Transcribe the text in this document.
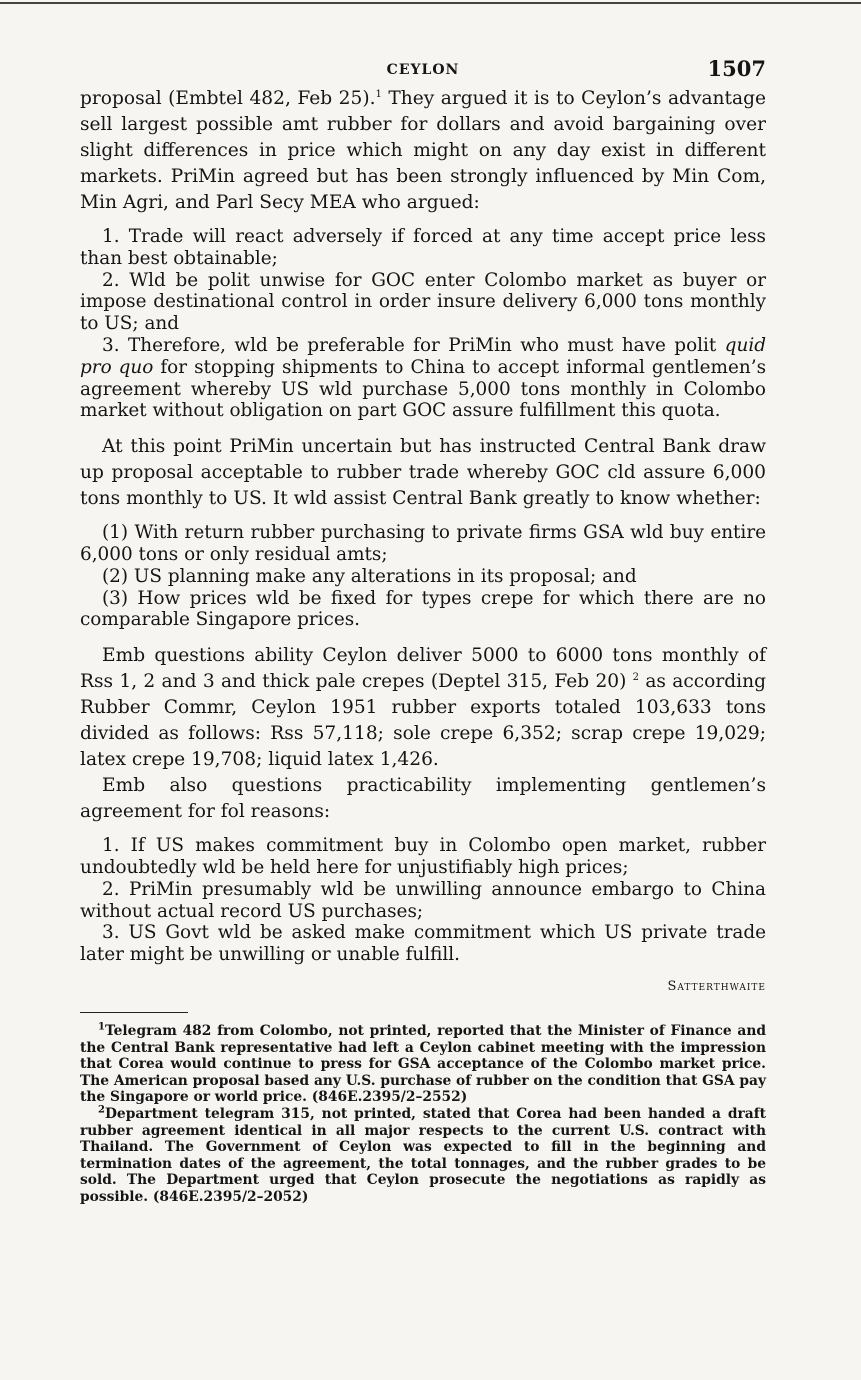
CEYLON	1507

proposal (Embtel 482, Feb 25).$^1$ They argued it is to Ceylon’s advantage sell largest possible amt rubber for dollars and avoid bargaining over slight differences in price which might on any day exist in different markets. PriMin agreed but has been strongly influenced by Min Com, Min Agri, and Parl Secy MEA who argued:

1. Trade will react adversely if forced at any time accept price less than best obtainable;

2. Wld be polit unwise for GOC enter Colombo market as buyer or impose destinational control in order insure delivery 6,000 tons monthly to US; and

3. Therefore, wld be preferable for PriMin who must have polit quid pro quo for stopping shipments to China to accept informal gentlemen’s agreement whereby US wld purchase 5,000 tons monthly in Colombo market without obligation on part GOC assure fulfillment this quota.

At this point PriMin uncertain but has instructed Central Bank draw up proposal acceptable to rubber trade whereby GOC cld assure 6,000 tons monthly to US. It wld assist Central Bank greatly to know whether:

(1) With return rubber purchasing to private firms GSA wld buy entire 6,000 tons or only residual amts;

(2) US planning make any alterations in its proposal; and

(3) How prices wld be fixed for types crepe for which there are no comparable Singapore prices.

Emb questions ability Ceylon deliver 5000 to 6000 tons monthly of Rss 1, 2 and 3 and thick pale crepes (Deptel 315, Feb 20) $^2$ as according Rubber Commr, Ceylon 1951 rubber exports totaled 103,633 tons divided as follows: Rss 57,118; sole crepe 6,352; scrap crepe 19,029; latex crepe 19,708; liquid latex 1,426.

Emb also questions practicability implementing gentlemen’s agreement for fol reasons:

1. If US makes commitment buy in Colombo open market, rubber undoubtedly wld be held here for unjustifiably high prices;

2. PriMin presumably wld be unwilling announce embargo to China without actual record US purchases;

3. US Govt wld be asked make commitment which US private trade later might be unwilling or unable fulfill.

Satterthwaite

$^1$Telegram 482 from Colombo, not printed, reported that the Minister of Finance and the Central Bank representative had left a Ceylon cabinet meeting with the impression that Corea would continue to press for GSA acceptance of the Colombo market price. The American proposal based any U.S. purchase of rubber on the condition that GSA pay the Singapore or world price. (846E.2395/2–2552)

$^2$Department telegram 315, not printed, stated that Corea had been handed a draft rubber agreement identical in all major respects to the current U.S. contract with Thailand. The Government of Ceylon was expected to fill in the beginning and termination dates of the agreement, the total tonnages, and the rubber grades to be sold. The Department urged that Ceylon prosecute the negotiations as rapidly as possible. (846E.2395/2–2052)
